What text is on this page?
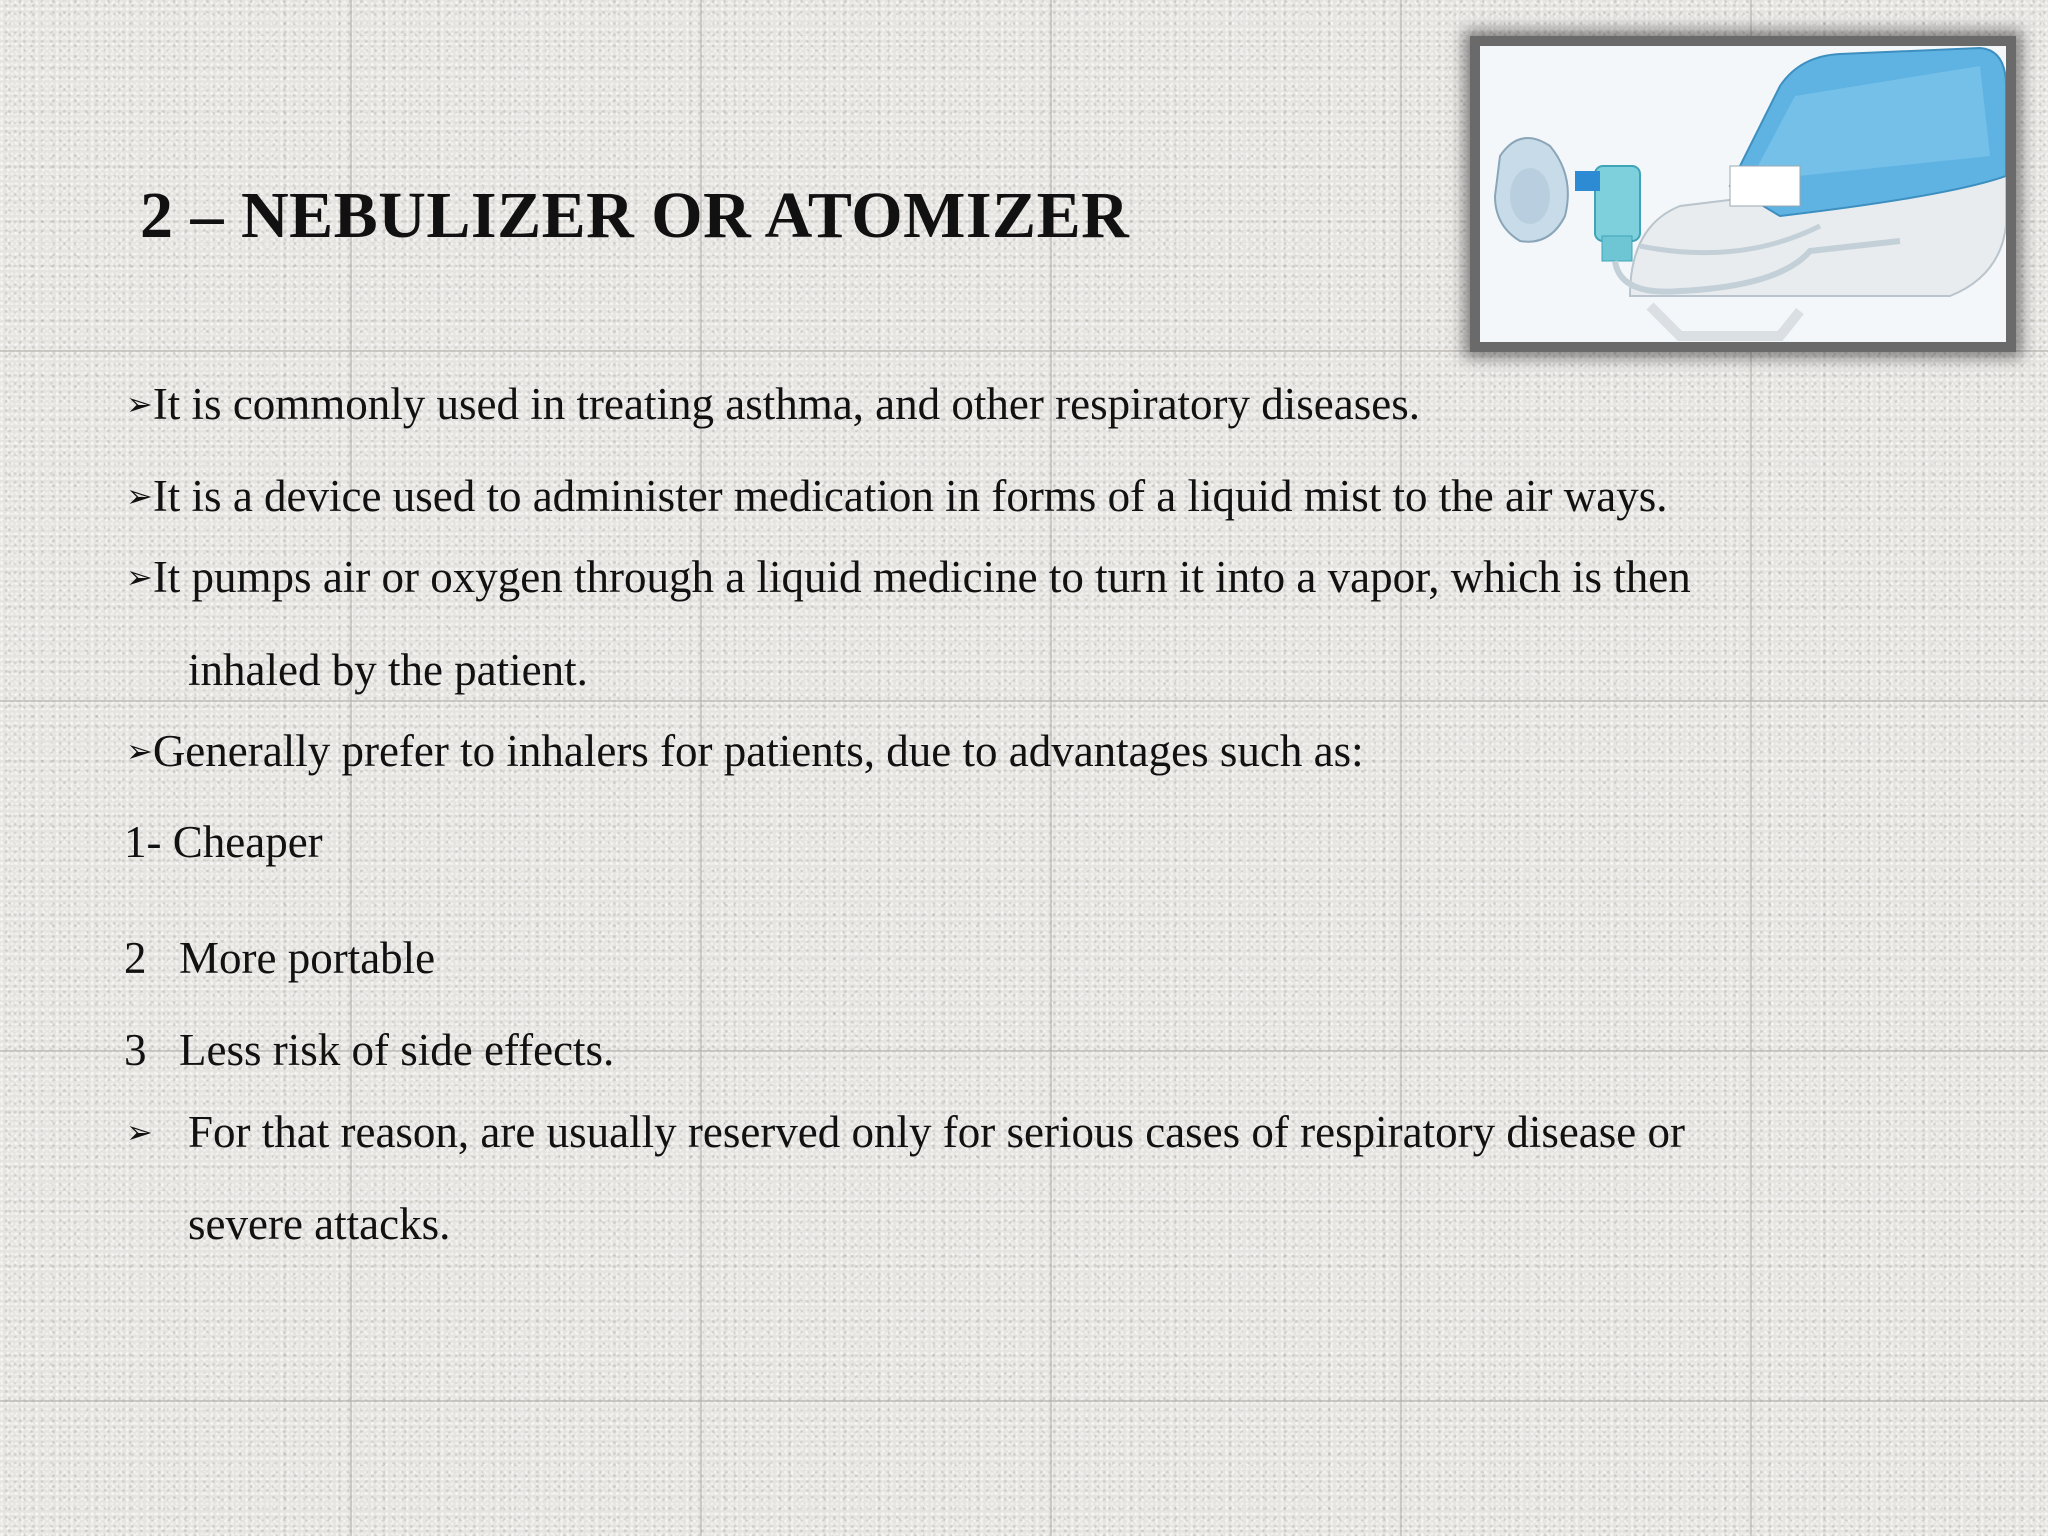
2 – NEBULIZER OR ATOMIZER

➢It is commonly used in treating asthma, and other respiratory diseases.

➢It is a device used to administer medication in forms of a liquid mist to the air ways.

➢It pumps air or oxygen through a liquid medicine to turn it into a vapor, which is then

inhaled by the patient.

➢Generally prefer to inhalers for patients, due to advantages such as:

1- Cheaper

2 More portable

3 Less risk of side effects.

➢ For that reason, are usually reserved only for serious cases of respiratory disease or

severe attacks.
